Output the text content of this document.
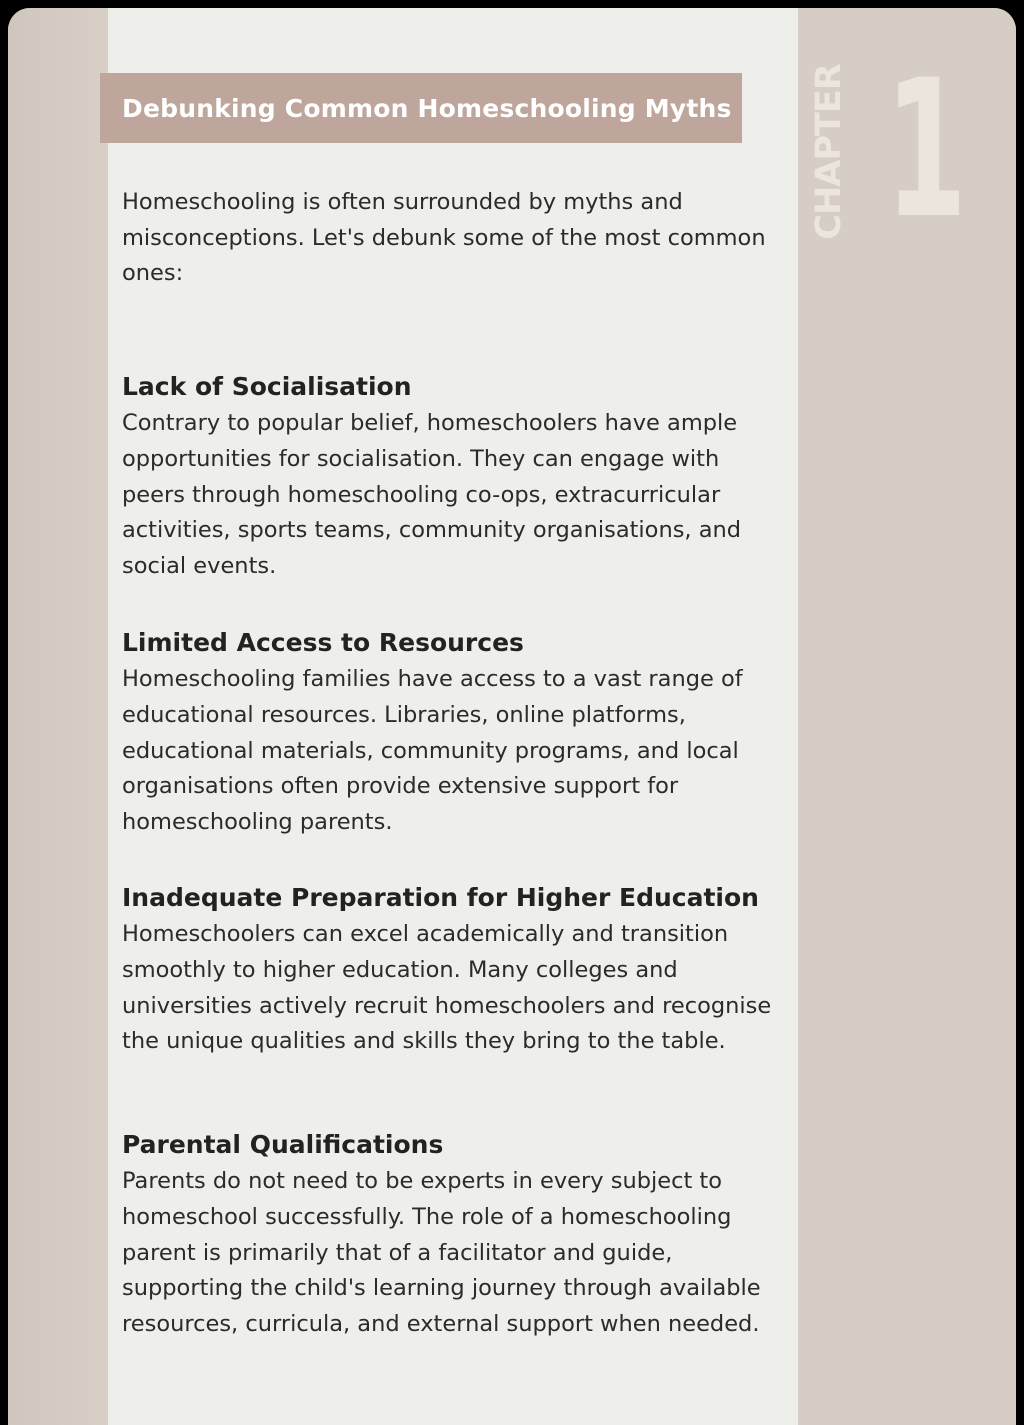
CHAPTER 1
Debunking Common Homeschooling Myths

Homeschooling is often surrounded by myths and misconceptions. Let's debunk some of the most common ones:

Lack of Socialisation

Contrary to popular belief, homeschoolers have ample opportunities for socialisation. They can engage with peers through homeschooling co-ops, extracurricular activities, sports teams, community organisations, and social events.

Limited Access to Resources

Homeschooling families have access to a vast range of educational resources. Libraries, online platforms, educational materials, community programs, and local organisations often provide extensive support for homeschooling parents.

Inadequate Preparation for Higher Education

Homeschoolers can excel academically and transition smoothly to higher education. Many colleges and universities actively recruit homeschoolers and recognise the unique qualities and skills they bring to the table.

Parental Qualifications

Parents do not need to be experts in every subject to homeschool successfully. The role of a homeschooling parent is primarily that of a facilitator and guide, supporting the child's learning journey through available resources, curricula, and external support when needed.
